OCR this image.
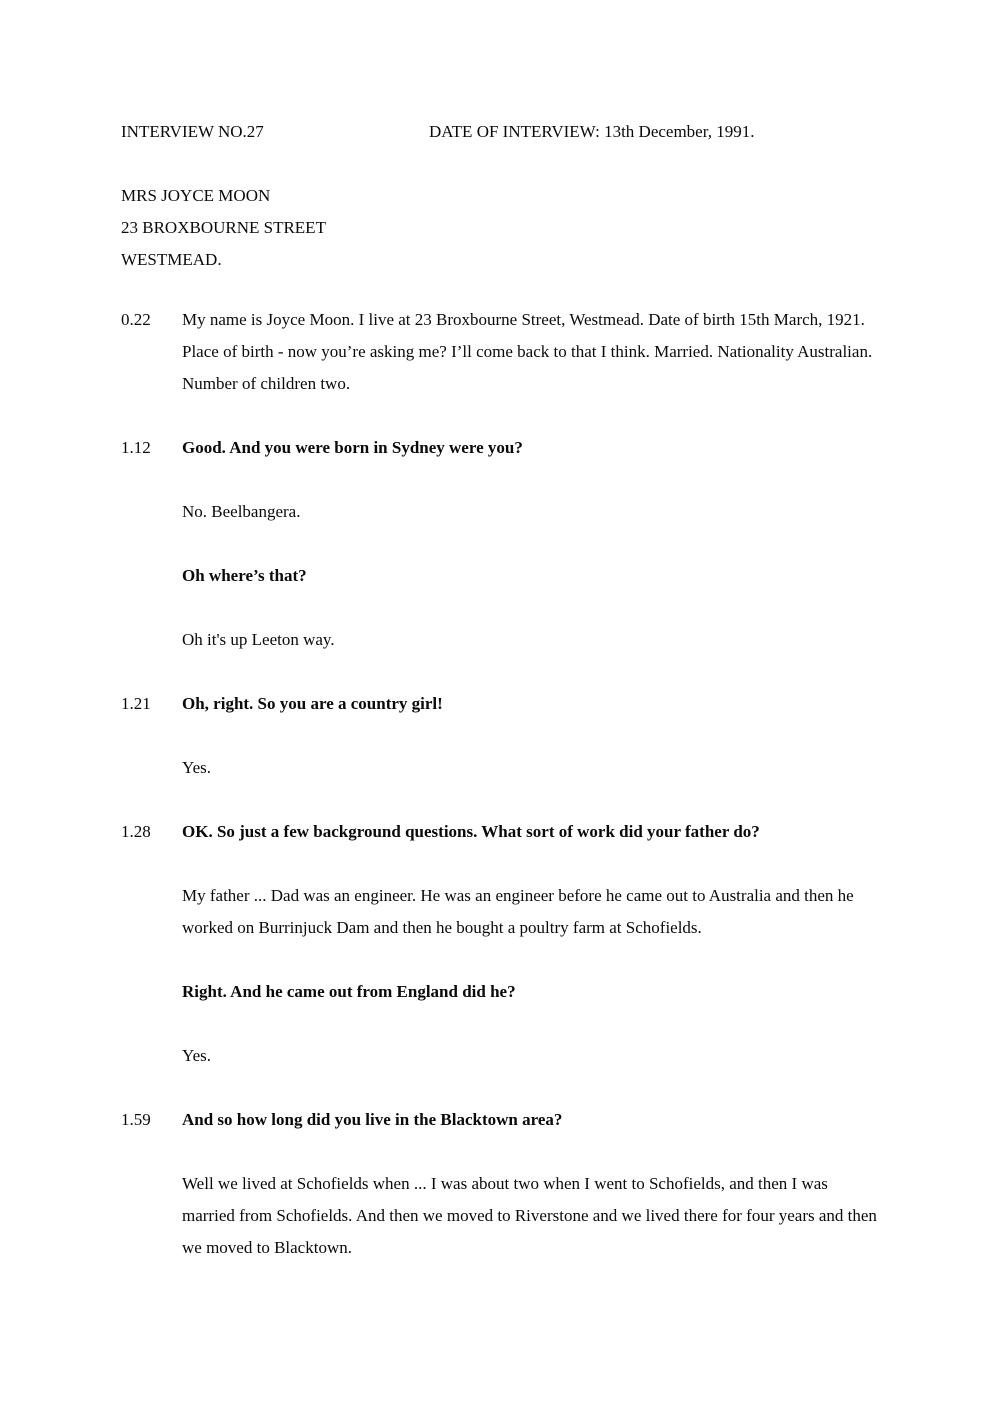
INTERVIEW NO.27	DATE OF INTERVIEW: 13th December, 1991.
MRS JOYCE MOON
23 BROXBOURNE STREET
WESTMEAD.
0.22	My name is Joyce Moon. I live at 23 Broxbourne Street, Westmead. Date of birth 15th March, 1921. Place of birth - now you’re asking me? I’ll come back to that I think. Married. Nationality Australian. Number of children two.
1.12	Good. And you were born in Sydney were you?
No. Beelbangera.
Oh where’s that?
Oh it's up Leeton way.
1.21	Oh, right. So you are a country girl!
Yes.
1.28	OK. So just a few background questions. What sort of work did your father do?
My father ... Dad was an engineer. He was an engineer before he came out to Australia and then he worked on Burrinjuck Dam and then he bought a poultry farm at Schofields.
Right. And he came out from England did he?
Yes.
1.59	And so how long did you live in the Blacktown area?
Well we lived at Schofields when ... I was about two when I went to Schofields, and then I was married from Schofields. And then we moved to Riverstone and we lived there for four years and then we moved to Blacktown.
